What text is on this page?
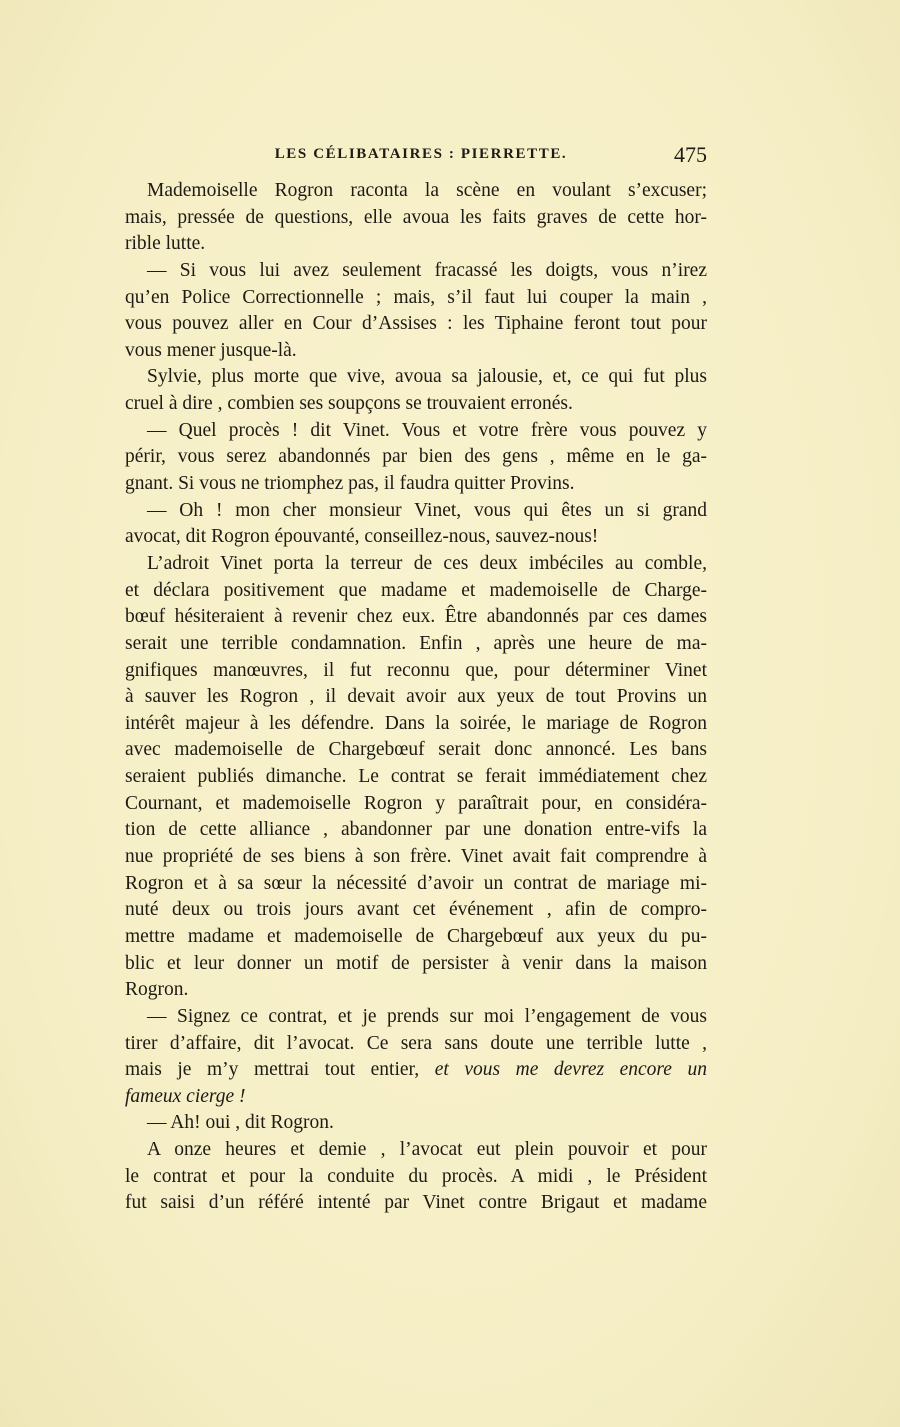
LES CÉLIBATAIRES : PIERRETTE.	475
Mademoiselle Rogron raconta la scène en voulant s’excuser;
mais, pressée de questions, elle avoua les faits graves de cette hor-
rible lutte.
— Si vous lui avez seulement fracassé les doigts, vous n’irez
qu’en Police Correctionnelle ; mais, s’il faut lui couper la main ,
vous pouvez aller en Cour d’Assises : les Tiphaine feront tout pour
vous mener jusque-là.
Sylvie, plus morte que vive, avoua sa jalousie, et, ce qui fut plus
cruel à dire , combien ses soupçons se trouvaient erronés.
— Quel procès ! dit Vinet. Vous et votre frère vous pouvez y
périr, vous serez abandonnés par bien des gens , même en le ga-
gnant. Si vous ne triomphez pas, il faudra quitter Provins.
— Oh ! mon cher monsieur Vinet, vous qui êtes un si grand
avocat, dit Rogron épouvanté, conseillez-nous, sauvez-nous!
L’adroit Vinet porta la terreur de ces deux imbéciles au comble,
et déclara positivement que madame et mademoiselle de Charge-
bœuf hésiteraient à revenir chez eux. Être abandonnés par ces dames
serait une terrible condamnation. Enfin , après une heure de ma-
gnifiques manœuvres, il fut reconnu que, pour déterminer Vinet
à sauver les Rogron , il devait avoir aux yeux de tout Provins un
intérêt majeur à les défendre. Dans la soirée, le mariage de Rogron
avec mademoiselle de Chargebœuf serait donc annoncé. Les bans
seraient publiés dimanche. Le contrat se ferait immédiatement chez
Cournant, et mademoiselle Rogron y paraîtrait pour, en considéra-
tion de cette alliance , abandonner par une donation entre-vifs la
nue propriété de ses biens à son frère. Vinet avait fait comprendre à
Rogron et à sa sœur la nécessité d’avoir un contrat de mariage mi-
nuté deux ou trois jours avant cet événement , afin de compro-
mettre madame et mademoiselle de Chargebœuf aux yeux du pu-
blic et leur donner un motif de persister à venir dans la maison
Rogron.
— Signez ce contrat, et je prends sur moi l’engagement de vous
tirer d’affaire, dit l’avocat. Ce sera sans doute une terrible lutte ,
mais je m’y mettrai tout entier, et vous me devrez encore un
fameux cierge !
— Ah! oui , dit Rogron.
A onze heures et demie , l’avocat eut plein pouvoir et pour
le contrat et pour la conduite du procès. A midi , le Président
fut saisi d’un référé intenté par Vinet contre Brigaut et madame
